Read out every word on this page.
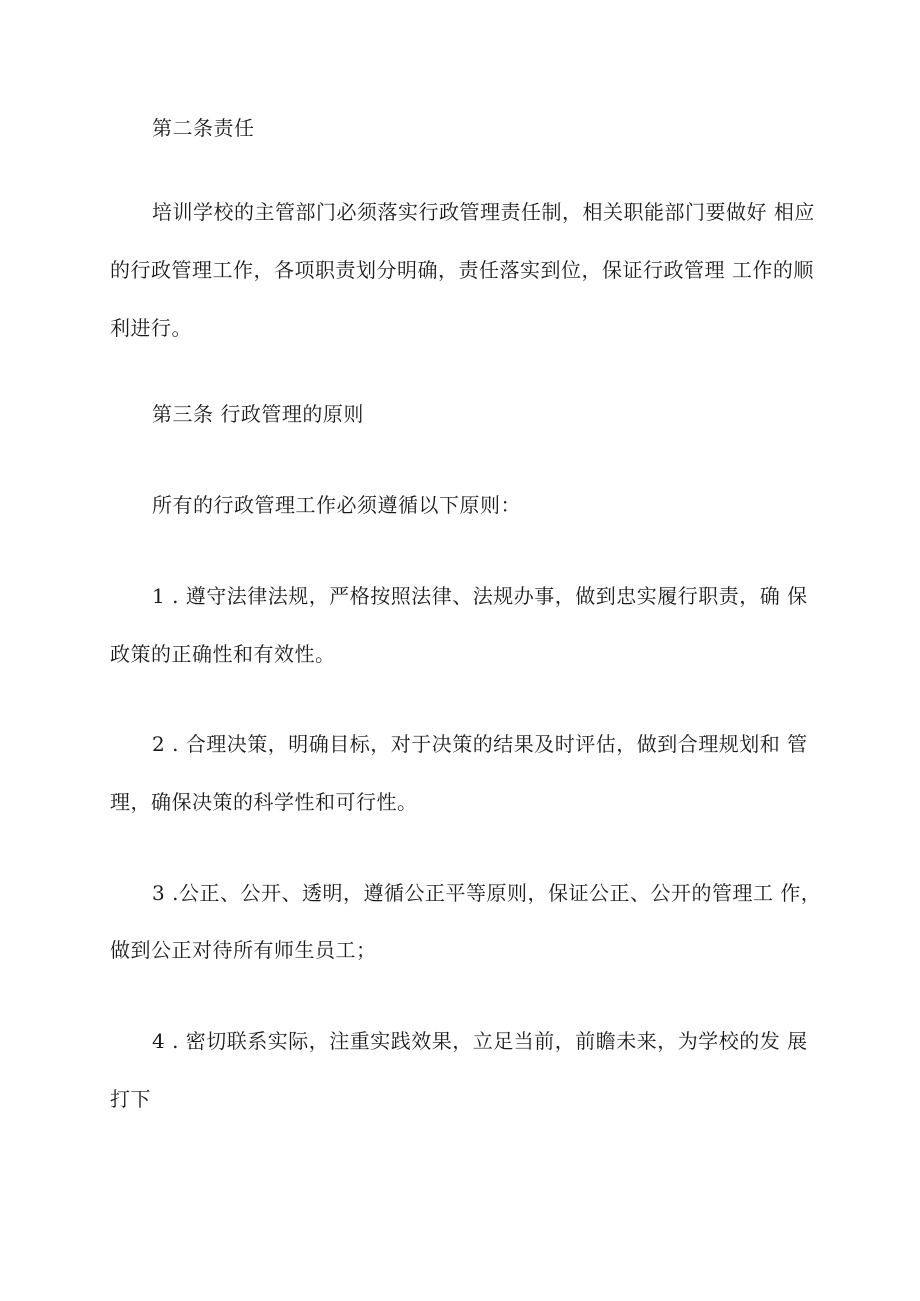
第二条责任
培训学校的主管部门必须落实行政管理责任制，相关职能部门要做好 相应
的行政管理工作，各项职责划分明确，责任落实到位，保证行政管理 工作的顺
利进行。
第三条 行政管理的原则
所有的行政管理工作必须遵循以下原则：
1 . 遵守法律法规，严格按照法律、法规办事，做到忠实履行职责，确 保
政策的正确性和有效性。
2 . 合理决策，明确目标，对于决策的结果及时评估，做到合理规划和 管
理，确保决策的科学性和可行性。
3 .公正、公开、透明，遵循公正平等原则，保证公正、公开的管理工 作，
做到公正对待所有师生员工；
4 . 密切联系实际，注重实践效果，立足当前，前瞻未来，为学校的发 展
打下
